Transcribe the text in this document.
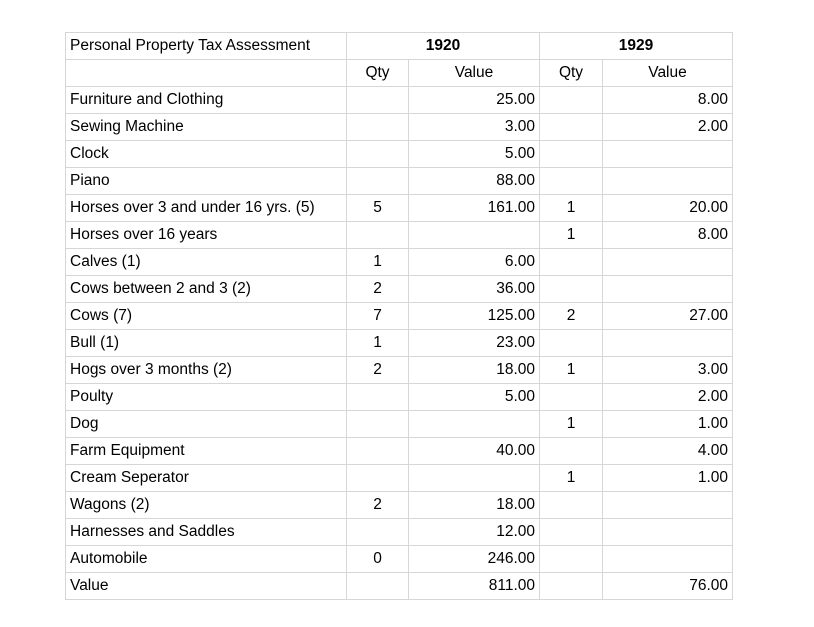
Personal Property Tax Assessment	1920		1929	
	Qty	Value	Qty	Value
Furniture and Clothing		25.00		8.00
Sewing Machine		3.00		2.00
Clock		5.00		
Piano		88.00		
Horses over 3 and under 16 yrs. (5)	5	161.00	1	20.00
Horses over 16 years			1	8.00
Calves (1)	1	6.00		
Cows between 2 and 3 (2)	2	36.00		
Cows (7)	7	125.00	2	27.00
Bull (1)	1	23.00		
Hogs over 3 months (2)	2	18.00	1	3.00
Poulty		5.00		2.00
Dog			1	1.00
Farm Equipment		40.00		4.00
Cream Seperator			1	1.00
Wagons (2)	2	18.00		
Harnesses and Saddles		12.00		
Automobile	0	246.00		
Value		811.00		76.00
